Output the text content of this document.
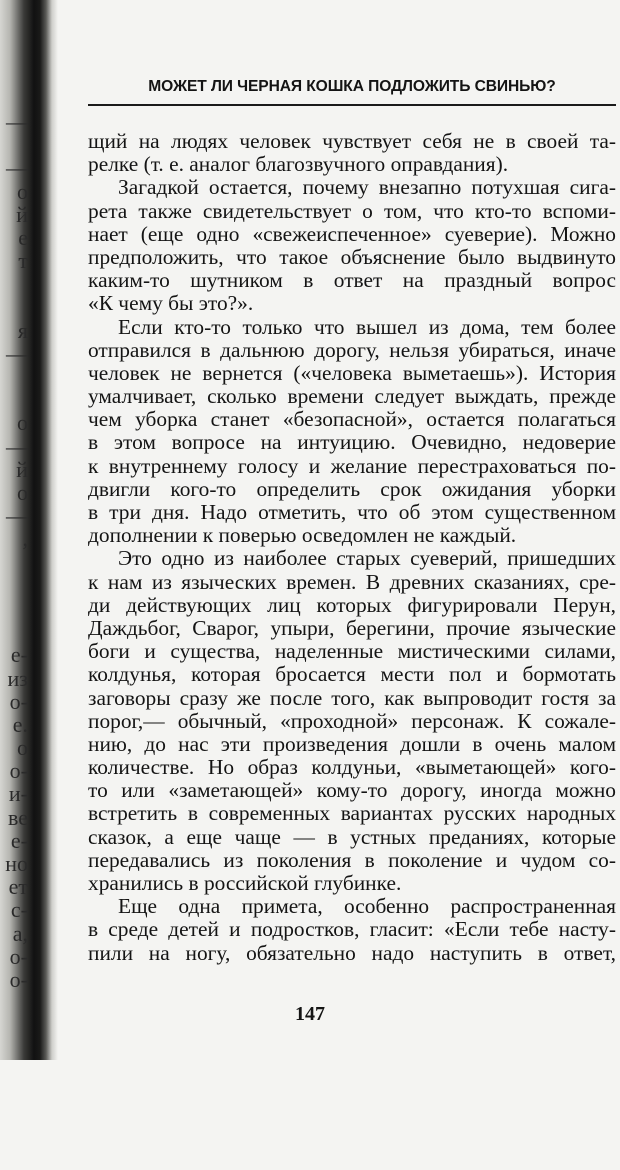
—
—
о
й
е
т
я
—
о
—
й
о
—
,
е-
из
о-
е.
о
о-
и-
ве
е-
но
ет
с-
а,
о-
о-
МОЖЕТ ЛИ ЧЕРНАЯ КОШКА ПОДЛОЖИТЬ СВИНЬЮ?
щий на людях человек чувствует себя не в своей та-
релке (т. е. аналог благозвучного оправдания).
Загадкой остается, почему внезапно потухшая сига-
рета также свидетельствует о том, что кто-то вспоми-
нает (еще одно «свежеиспеченное» суеверие). Можно
предположить, что такое объяснение было выдвинуто
каким-то шутником в ответ на праздный вопрос
«К чему бы это?».
Если кто-то только что вышел из дома, тем более
отправился в дальнюю дорогу, нельзя убираться, иначе
человек не вернется («человека выметаешь»). История
умалчивает, сколько времени следует выждать, прежде
чем уборка станет «безопасной», остается полагаться
в этом вопросе на интуицию. Очевидно, недоверие
к внутреннему голосу и желание перестраховаться по-
двигли кого-то определить срок ожидания уборки
в три дня. Надо отметить, что об этом существенном
дополнении к поверью осведомлен не каждый.
Это одно из наиболее старых суеверий, пришедших
к нам из языческих времен. В древних сказаниях, сре-
ди действующих лиц которых фигурировали Перун,
Даждьбог, Сварог, упыри, берегини, прочие языческие
боги и существа, наделенные мистическими силами,
колдунья, которая бросается мести пол и бормотать
заговоры сразу же после того, как выпроводит гостя за
порог,— обычный, «проходной» персонаж. К сожале-
нию, до нас эти произведения дошли в очень малом
количестве. Но образ колдуньи, «выметающей» кого-
то или «заметающей» кому-то дорогу, иногда можно
встретить в современных вариантах русских народных
сказок, а еще чаще — в устных преданиях, которые
передавались из поколения в поколение и чудом со-
хранились в российской глубинке.
Еще одна примета, особенно распространенная
в среде детей и подростков, гласит: «Если тебе насту-
пили на ногу, обязательно надо наступить в ответ,
147
